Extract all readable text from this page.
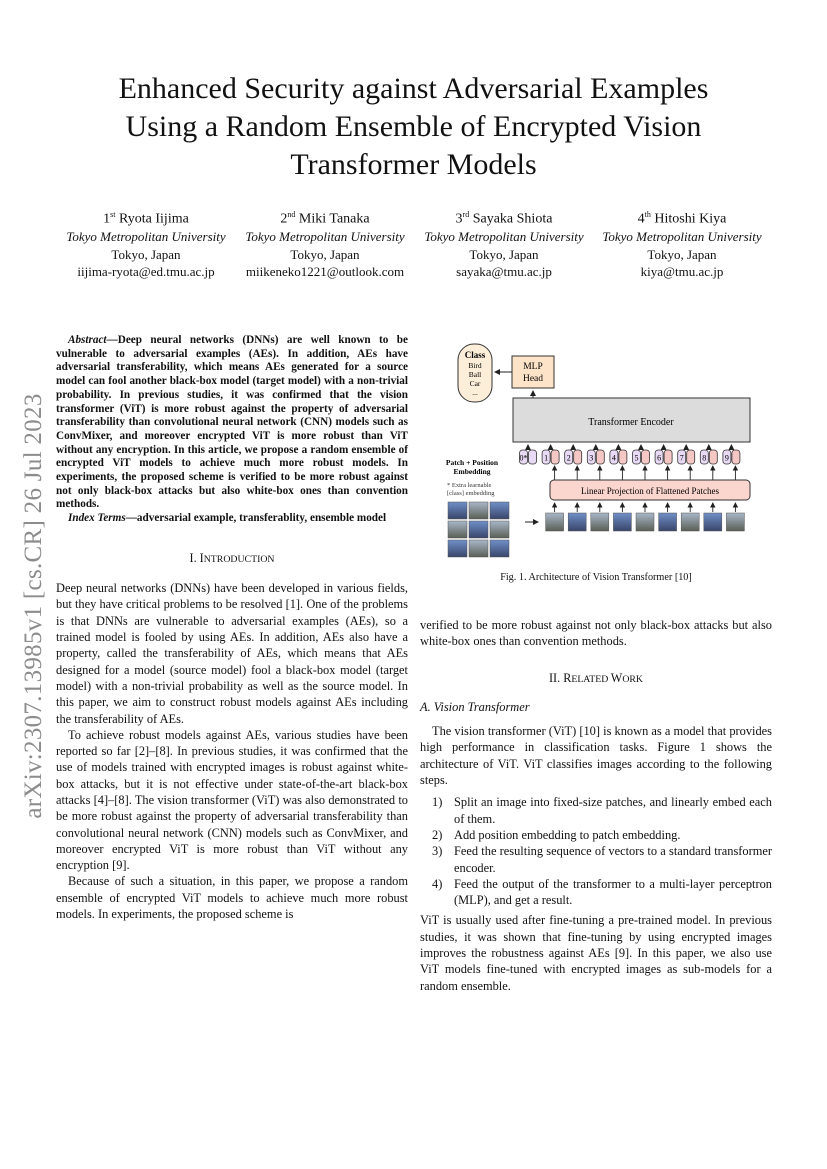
arXiv:2307.13985v1 [cs.CR] 26 Jul 2023
Enhanced Security against Adversarial Examples
Using a Random Ensemble of Encrypted Vision
Transformer Models
1st Ryota Iijima
Tokyo Metropolitan University
Tokyo, Japan
iijima-ryota@ed.tmu.ac.jp
2nd Miki Tanaka
Tokyo Metropolitan University
Tokyo, Japan
miikeneko1221@outlook.com
3rd Sayaka Shiota
Tokyo Metropolitan University
Tokyo, Japan
sayaka@tmu.ac.jp
4th Hitoshi Kiya
Tokyo Metropolitan University
Tokyo, Japan
kiya@tmu.ac.jp

Abstract—Deep neural networks (DNNs) are well known to be vulnerable to adversarial examples (AEs). In addition, AEs have adversarial transferability, which means AEs generated for a source model can fool another black-box model (target model) with a non-trivial probability. In previous studies, it was confirmed that the vision transformer (ViT) is more robust against the property of adversarial transferability than convolutional neural network (CNN) models such as ConvMixer, and moreover encrypted ViT is more robust than ViT without any encryption. In this article, we propose a random ensemble of encrypted ViT models to achieve much more robust models. In experiments, the proposed scheme is verified to be more robust against not only black-box attacks but also white-box ones than convention methods.

Index Terms—adversarial example, transferablity, ensemble model

I. INTRODUCTION

Deep neural networks (DNNs) have been developed in various fields, but they have critical problems to be resolved [1]. One of the problems is that DNNs are vulnerable to adversarial examples (AEs), so a trained model is fooled by using AEs. In addition, AEs also have a property, called the transferability of AEs, which means that AEs designed for a model (source model) fool a black-box model (target model) with a non-trivial probability as well as the source model. In this paper, we aim to construct robust models against AEs including the transferability of AEs.

To achieve robust models against AEs, various studies have been reported so far [2]–[8]. In previous studies, it was confirmed that the use of models trained with encrypted images is robust against white-box attacks, but it is not effective under state-of-the-art black-box attacks [4]–[8]. The vision transformer (ViT) was also demonstrated to be more robust against the property of adversarial transferability than convolutional neural network (CNN) models such as ConvMixer, and moreover encrypted ViT is more robust than ViT without any encryption [9].

Because of such a situation, in this paper, we propose a random ensemble of encrypted ViT models to achieve much more robust models. In experiments, the proposed scheme is

Class
Bird
Ball
Car
...
MLP
Head
Transformer Encoder
Patch + Position
Embedding
* Extra learnable
[class] embedding
0* 1 2 3 4 5 6 7 8 9
Linear Projection of Flattened Patches
Fig. 1. Architecture of Vision Transformer [10]

verified to be more robust against not only black-box attacks but also white-box ones than convention methods.

II. RELATED WORK

A. Vision Transformer

The vision transformer (ViT) [10] is known as a model that provides high performance in classification tasks. Figure 1 shows the architecture of ViT. ViT classifies images according to the following steps.

1) Split an image into fixed-size patches, and linearly embed each of them.
2) Add position embedding to patch embedding.
3) Feed the resulting sequence of vectors to a standard transformer encoder.
4) Feed the output of the transformer to a multi-layer perceptron (MLP), and get a result.

ViT is usually used after fine-tuning a pre-trained model. In previous studies, it was shown that fine-tuning by using encrypted images improves the robustness against AEs [9]. In this paper, we also use ViT models fine-tuned with encrypted images as sub-models for a random ensemble.
